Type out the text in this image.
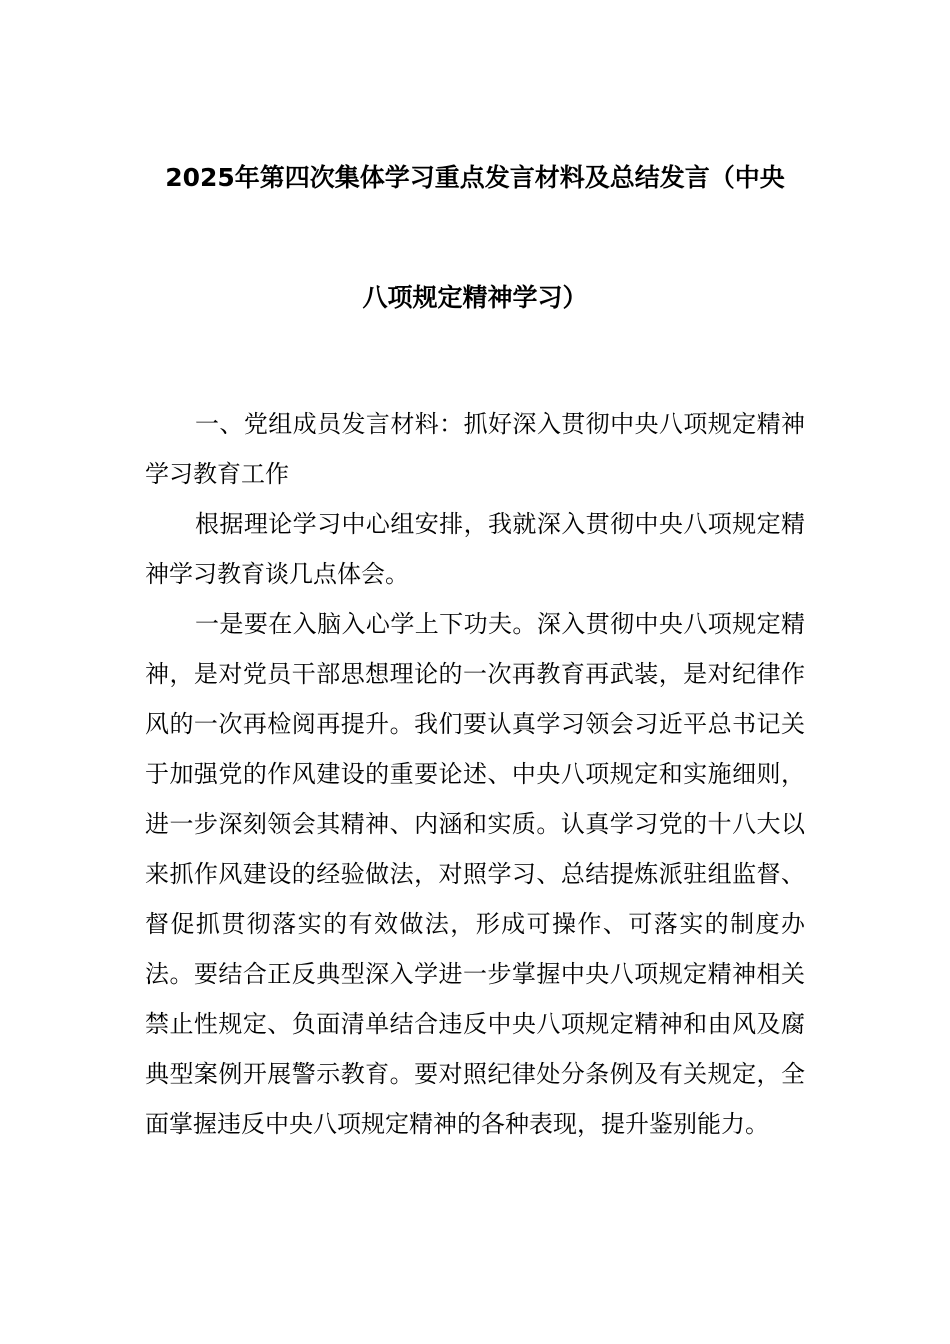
2025年第四次集体学习重点发言材料及总结发言（中央
八项规定精神学习）

一、党组成员发言材料：抓好深入贯彻中央八项规定精神学习教育工作

根据理论学习中心组安排，我就深入贯彻中央八项规定精神学习教育谈几点体会。

一是要在入脑入心学上下功夫。深入贯彻中央八项规定精神，是对党员干部思想理论的一次再教育再武装，是对纪律作风的一次再检阅再提升。我们要认真学习领会习近平总书记关于加强党的作风建设的重要论述、中央八项规定和实施细则，进一步深刻领会其精神、内涵和实质。认真学习党的十八大以来抓作风建设的经验做法，对照学习、总结提炼派驻组监督、督促抓贯彻落实的有效做法，形成可操作、可落实的制度办法。要结合正反典型深入学进一步掌握中央八项规定精神相关禁止性规定、负面清单结合违反中央八项规定精神和由风及腐典型案例开展警示教育。要对照纪律处分条例及有关规定，全面掌握违反中央八项规定精神的各种表现，提升鉴别能力。
